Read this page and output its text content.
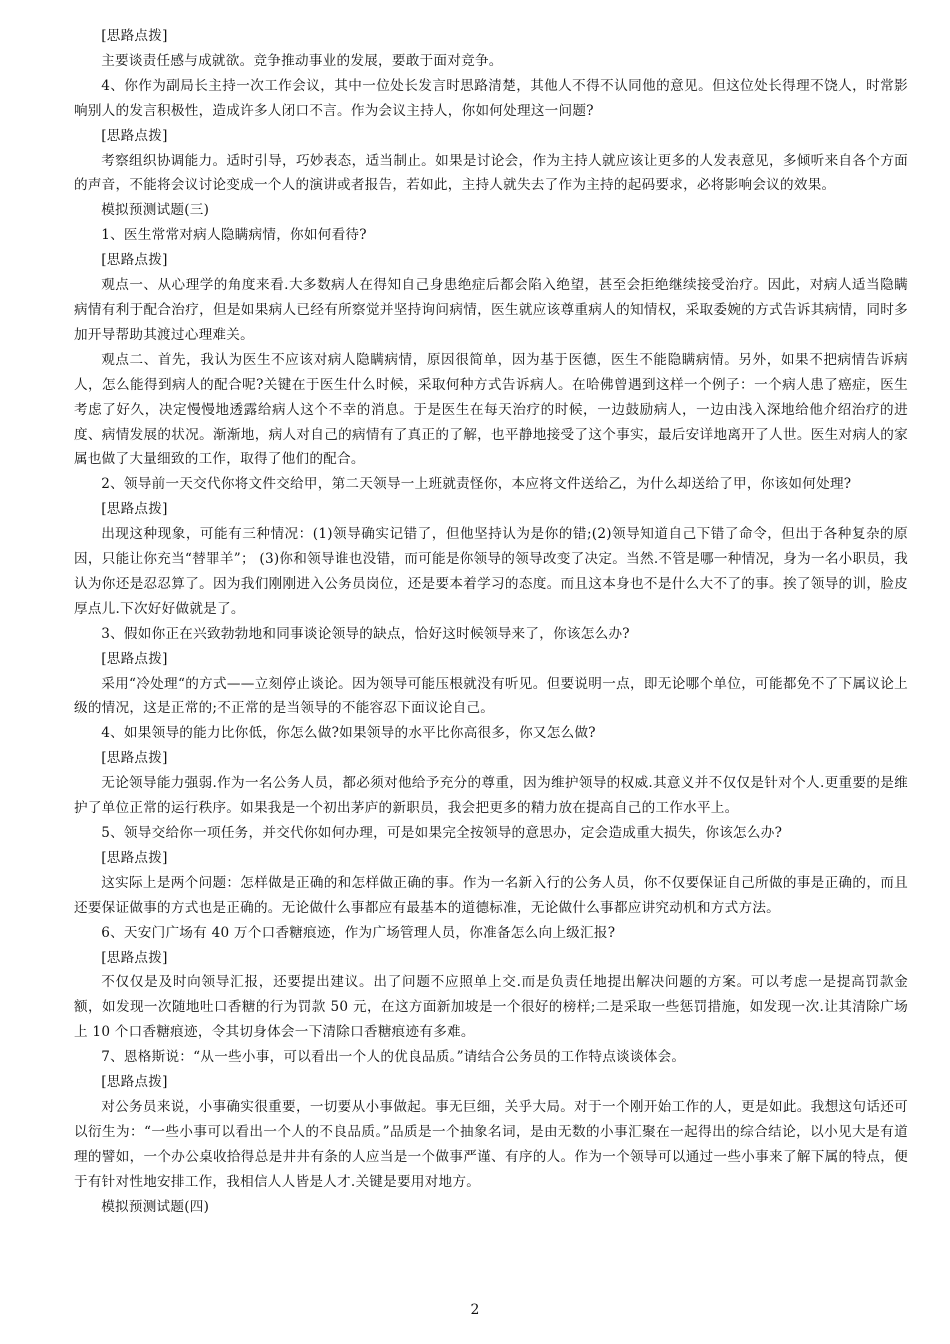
[思路点拨]

主要谈责任感与成就欲。竞争推动事业的发展，要敢于面对竞争。

4、你作为副局长主持一次工作会议，其中一位处长发言时思路清楚，其他人不得不认同他的意见。但这位处长得理不饶人，时常影响别人的发言积极性，造成许多人闭口不言。作为会议主持人，你如何处理这一问题?

[思路点拨]

考察组织协调能力。适时引导，巧妙表态，适当制止。如果是讨论会，作为主持人就应该让更多的人发表意见，多倾听来自各个方面的声音，不能将会议讨论变成一个人的演讲或者报告，若如此，主持人就失去了作为主持的起码要求，必将影响会议的效果。

模拟预测试题(三)

1、医生常常对病人隐瞒病情，你如何看待?

[思路点拨]

观点一、从心理学的角度来看.大多数病人在得知自己身患绝症后都会陷入绝望，甚至会拒绝继续接受治疗。因此，对病人适当隐瞒病情有利于配合治疗，但是如果病人已经有所察觉并坚持询问病情，医生就应该尊重病人的知情权，采取委婉的方式告诉其病情，同时多加开导帮助其渡过心理难关。

观点二、首先，我认为医生不应该对病人隐瞒病情，原因很简单，因为基于医德，医生不能隐瞒病情。另外，如果不把病情告诉病人，怎么能得到病人的配合呢?关键在于医生什么时候，采取何种方式告诉病人。在哈佛曾遇到这样一个例子：一个病人患了癌症，医生考虑了好久，决定慢慢地透露给病人这个不幸的消息。于是医生在每天治疗的时候，一边鼓励病人，一边由浅入深地给他介绍治疗的进度、病情发展的状况。渐渐地，病人对自己的病情有了真正的了解，也平静地接受了这个事实，最后安详地离开了人世。医生对病人的家属也做了大量细致的工作，取得了他们的配合。

2、领导前一天交代你将文件交给甲，第二天领导一上班就责怪你，本应将文件送给乙，为什么却送给了甲，你该如何处理?

[思路点拨]

出现这种现象，可能有三种情况：(1)领导确实记错了，但他坚持认为是你的错;(2)领导知道自己下错了命令，但出于各种复杂的原因，只能让你充当“替罪羊”； (3)你和领导谁也没错，而可能是你领导的领导改变了决定。当然.不管是哪一种情况，身为一名小职员，我认为你还是忍忍算了。因为我们刚刚进入公务员岗位，还是要本着学习的态度。而且这本身也不是什么大不了的事。挨了领导的训，脸皮厚点儿.下次好好做就是了。

3、假如你正在兴致勃勃地和同事谈论领导的缺点，恰好这时候领导来了，你该怎么办?

[思路点拨]

采用“冷处理“的方式——立刻停止谈论。因为领导可能压根就没有听见。但要说明一点，即无论哪个单位，可能都免不了下属议论上级的情况，这是正常的;不正常的是当领导的不能容忍下面议论自己。

4、如果领导的能力比你低，你怎么做?如果领导的水平比你高很多，你又怎么做?

[思路点拨]

无论领导能力强弱.作为一名公务人员，都必须对他给予充分的尊重，因为维护领导的权威.其意义并不仅仅是针对个人.更重要的是维护了单位正常的运行秩序。如果我是一个初出茅庐的新职员，我会把更多的精力放在提高自己的工作水平上。

5、领导交给你一项任务，并交代你如何办理，可是如果完全按领导的意思办，定会造成重大损失，你该怎么办?

[思路点拨]

这实际上是两个问题：怎样做是正确的和怎样做正确的事。作为一名新入行的公务人员，你不仅要保证自己所做的事是正确的，而且还要保证做事的方式也是正确的。无论做什么事都应有最基本的道德标准，无论做什么事都应讲究动机和方式方法。

6、天安门广场有 40 万个口香糖痕迹，作为广场管理人员，你准备怎么向上级汇报?

[思路点拨]

不仅仅是及时向领导汇报，还要提出建议。出了问题不应照单上交.而是负责任地提出解决问题的方案。可以考虑一是提高罚款金额，如发现一次随地吐口香糖的行为罚款 50 元，在这方面新加坡是一个很好的榜样;二是采取一些惩罚措施，如发现一次.让其清除广场上 10 个口香糖痕迹，令其切身体会一下清除口香糖痕迹有多难。

7、恩格斯说：“从一些小事，可以看出一个人的优良品质。”请结合公务员的工作特点谈谈体会。

[思路点拨]

对公务员来说，小事确实很重要，一切要从小事做起。事无巨细，关乎大局。对于一个刚开始工作的人，更是如此。我想这句话还可以衍生为：“一些小事可以看出一个人的不良品质。”品质是一个抽象名词，是由无数的小事汇聚在一起得出的综合结论，以小见大是有道理的譬如，一个办公桌收拾得总是井井有条的人应当是一个做事严谨、有序的人。作为一个领导可以通过一些小事来了解下属的特点，便于有针对性地安排工作，我相信人人皆是人才.关键是要用对地方。

模拟预测试题(四)

2
